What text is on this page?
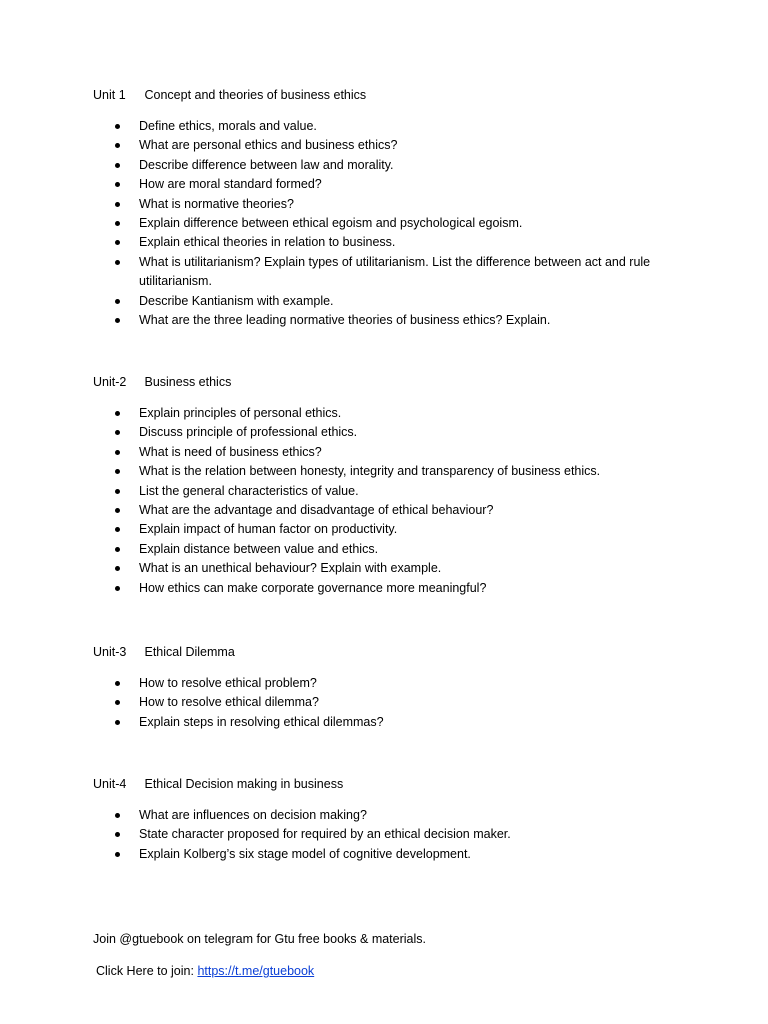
Unit 1 Concept and theories of business ethics
Define ethics, morals and value.
What are personal ethics and business ethics?
Describe difference between law and morality.
How are moral standard formed?
What is normative theories?
Explain difference between ethical egoism and psychological egoism.
Explain ethical theories in relation to business.
What is utilitarianism? Explain types of utilitarianism. List the difference between act and rule utilitarianism.
Describe Kantianism with example.
What are the three leading normative theories of business ethics? Explain.
Unit-2 Business ethics
Explain principles of personal ethics.
Discuss principle of professional ethics.
What is need of business ethics?
What is the relation between honesty, integrity and transparency of business ethics.
List the general characteristics of value.
What are the advantage and disadvantage of ethical behaviour?
Explain impact of human factor on productivity.
Explain distance between value and ethics.
What is an unethical behaviour? Explain with example.
How ethics can make corporate governance more meaningful?
Unit-3 Ethical Dilemma
How to resolve ethical problem?
How to resolve ethical dilemma?
Explain steps in resolving ethical dilemmas?
Unit-4 Ethical Decision making in business
What are influences on decision making?
State character proposed for required by an ethical decision maker.
Explain Kolberg’s six stage model of cognitive development.
Join @gtuebook on telegram for Gtu free books & materials.
Click Here to join: https://t.me/gtuebook
